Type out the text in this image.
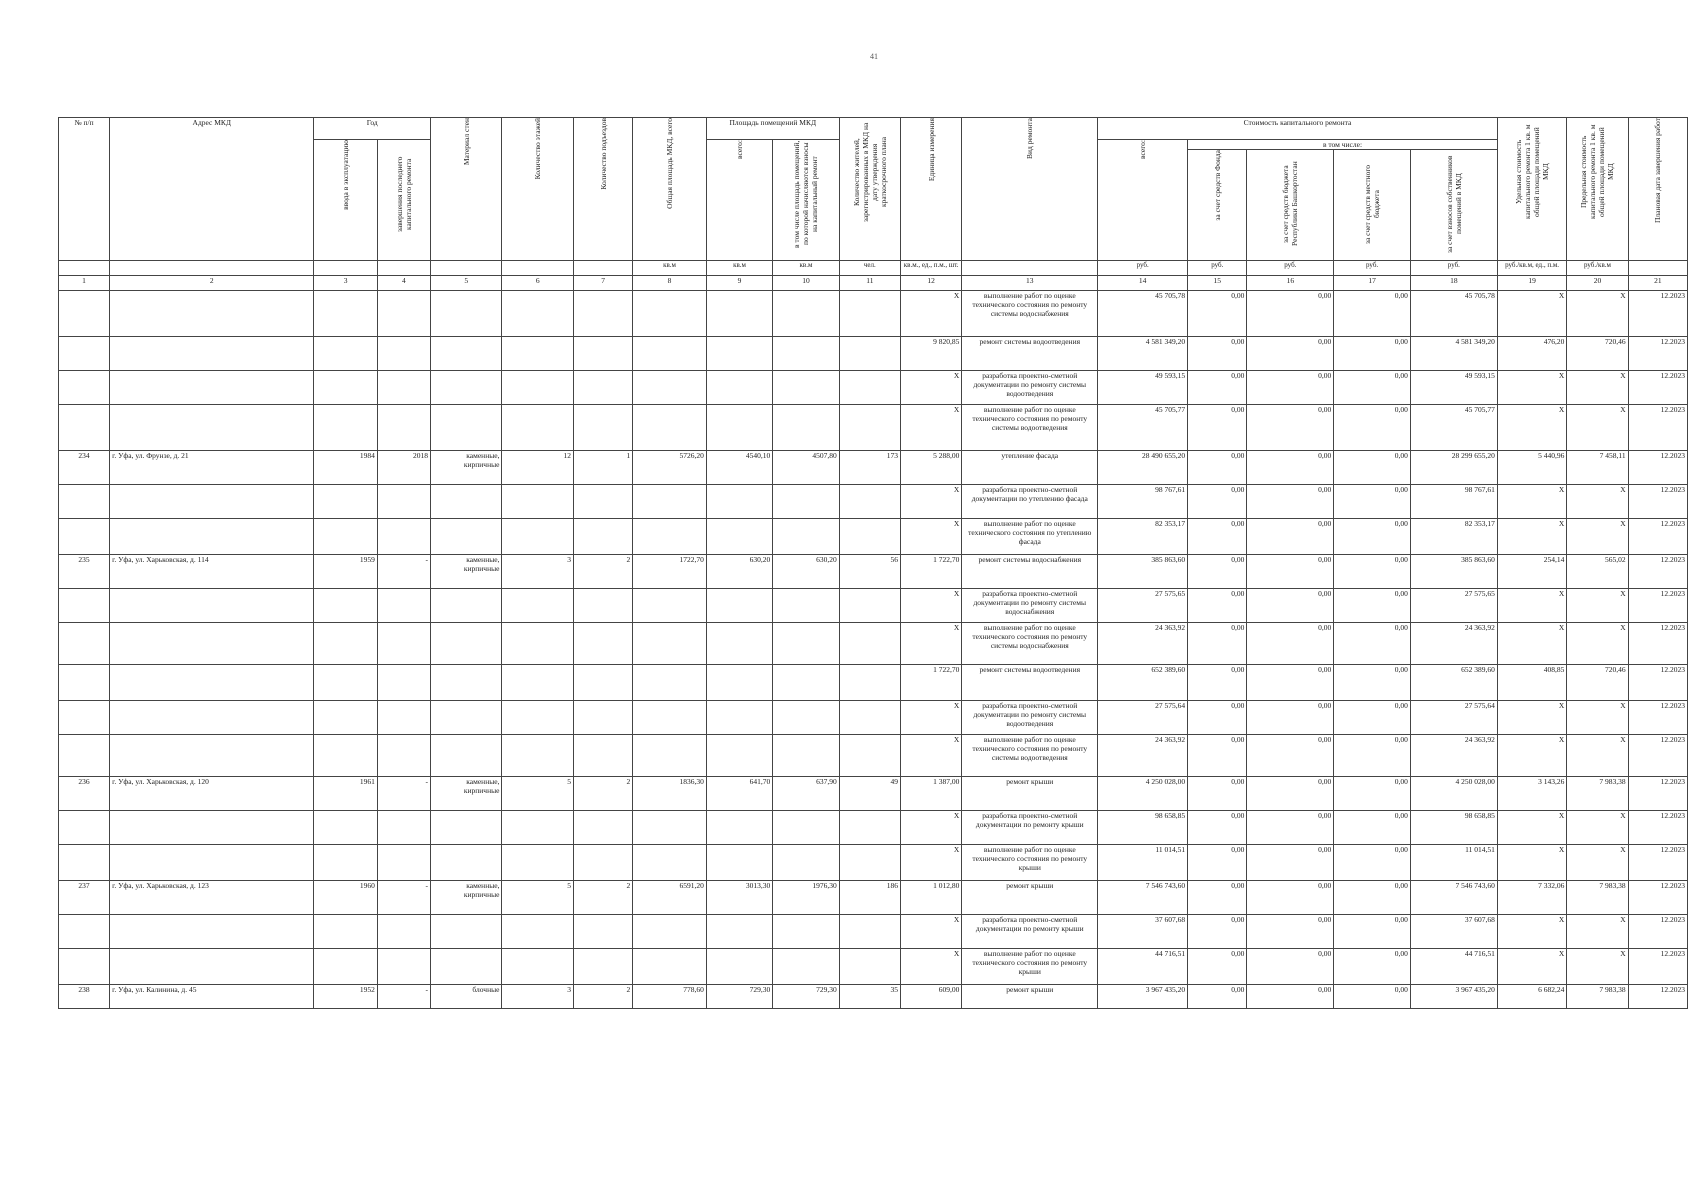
41
№ п/п	Адрес МКД	Год		Материал стен	Количество этажей	Количество подъездов	Общая площадь МКД, всего	Площадь помещений МКД		Количество жителей, зарегистрированных в МКД на дату утверждения краткосрочного плана	Единица измерения	Вид ремонта	Стоимость капитального ремонта					Удельная стоимость капитального ремонта 1 кв. м общей площади помещений МКД	Предельная стоимость капитального ремонта 1 кв. м общей площади помещений МКД	Плановая дата завершения работ
		ввода в эксплуатацию	завершения последнего капитального ремонта					всего:	в том числе площадь помещений, по которой начисляются взносы на капитальный ремонт				всего:	в том числе:						
														за счет средств Фонда	за счет средств бюджета Республики Башкортостан	за счет средств местного бюджета	за счет взносов собственников помещений в МКД			
							кв.м	кв.м	кв.м	чел.	кв.м., ед., п.м., шт.		руб.	руб.	руб.	руб.	руб.	руб./кв.м, ед., п.м.	руб./кв.м	
1	2	3	4	5	6	7	8	9	10	11	12	13	14	15	16	17	18	19	20	21
											X	выполнение работ по оценке технического состояния по ремонту системы водоснабжения	45 705,78	0,00	0,00	0,00	45 705,78	X	X	12.2023
											9 820,85	ремонт системы водоотведения	4 581 349,20	0,00	0,00	0,00	4 581 349,20	476,20	720,46	12.2023
											X	разработка проектно-сметной документации по ремонту системы водоотведения	49 593,15	0,00	0,00	0,00	49 593,15	X	X	12.2023
											X	выполнение работ по оценке технического состояния по ремонту системы водоотведения	45 705,77	0,00	0,00	0,00	45 705,77	X	X	12.2023
234	г. Уфа, ул. Фрунзе, д. 21	1984	2018	каменные, кирпичные	12	1	5726,20	4540,10	4507,80	173	5 288,00	утепление фасада	28 490 655,20	0,00	0,00	0,00	28 299 655,20	5 440,96	7 458,11	12.2023
											X	разработка проектно-сметной документации по утеплению фасада	98 767,61	0,00	0,00	0,00	98 767,61	X	X	12.2023
											X	выполнение работ по оценке технического состояния по утеплению фасада	82 353,17	0,00	0,00	0,00	82 353,17	X	X	12.2023
235	г. Уфа, ул. Харьковская, д. 114	1959	-	каменные, кирпичные	3	2	1722,70	630,20	630,20	56	1 722,70	ремонт системы водоснабжения	385 863,60	0,00	0,00	0,00	385 863,60	254,14	565,02	12.2023
											X	разработка проектно-сметной документации по ремонту системы водоснабжения	27 575,65	0,00	0,00	0,00	27 575,65	X	X	12.2023
											X	выполнение работ по оценке технического состояния по ремонту системы водоснабжения	24 363,92	0,00	0,00	0,00	24 363,92	X	X	12.2023
											1 722,70	ремонт системы водоотведения	652 389,60	0,00	0,00	0,00	652 389,60	408,85	720,46	12.2023
											X	разработка проектно-сметной документации по ремонту системы водоотведения	27 575,64	0,00	0,00	0,00	27 575,64	X	X	12.2023
											X	выполнение работ по оценке технического состояния по ремонту системы водоотведения	24 363,92	0,00	0,00	0,00	24 363,92	X	X	12.2023
236	г. Уфа, ул. Харьковская, д. 120	1961	-	каменные, кирпичные	5	2	1836,30	641,70	637,90	49	1 387,00	ремонт крыши	4 250 028,00	0,00	0,00	0,00	4 250 028,00	3 143,26	7 983,38	12.2023
											X	разработка проектно-сметной документации по ремонту крыши	98 658,85	0,00	0,00	0,00	98 658,85	X	X	12.2023
											X	выполнение работ по оценке технического состояния по ремонту крыши	11 014,51	0,00	0,00	0,00	11 014,51	X	X	12.2023
237	г. Уфа, ул. Харьковская, д. 123	1960	-	каменные, кирпичные	5	2	6591,20	3013,30	1976,30	186	1 012,80	ремонт крыши	7 546 743,60	0,00	0,00	0,00	7 546 743,60	7 332,06	7 983,38	12.2023
											X	разработка проектно-сметной документации по ремонту крыши	37 607,68	0,00	0,00	0,00	37 607,68	X	X	12.2023
											X	выполнение работ по оценке технического состояния по ремонту крыши	44 716,51	0,00	0,00	0,00	44 716,51	X	X	12.2023
238	г. Уфа, ул. Калинина, д. 45	1952	-	блочные	3	2	778,60	729,30	729,30	35	609,00	ремонт крыши	3 967 435,20	0,00	0,00	0,00	3 967 435,20	6 682,24	7 983,38	12.2023
